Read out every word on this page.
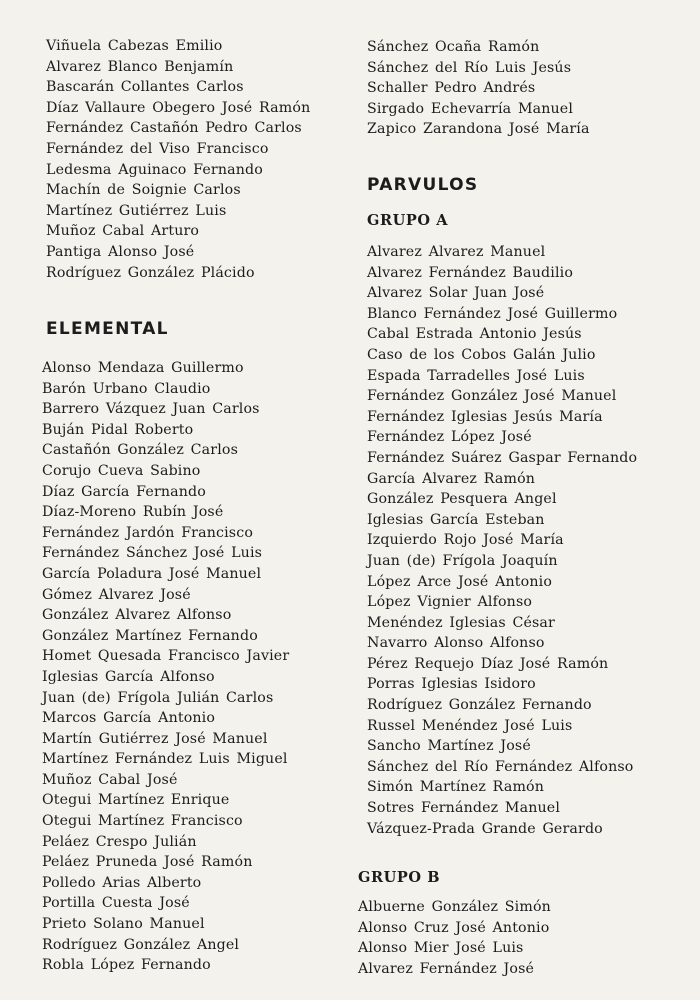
Viñuela Cabezas Emilio
Alvarez Blanco Benjamín
Bascarán Collantes Carlos
Díaz Vallaure Obegero José Ramón
Fernández Castañón Pedro Carlos
Fernández del Viso Francisco
Ledesma Aguinaco Fernando
Machín de Soignie Carlos
Martínez Gutiérrez Luis
Muñoz Cabal Arturo
Pantiga Alonso José
Rodríguez González Plácido
ELEMENTAL
Alonso Mendaza Guillermo
Barón Urbano Claudio
Barrero Vázquez Juan Carlos
Buján Pidal Roberto
Castañón González Carlos
Corujo Cueva Sabino
Díaz García Fernando
Díaz-Moreno Rubín José
Fernández Jardón Francisco
Fernández Sánchez José Luis
García Poladura José Manuel
Gómez Alvarez José
González Alvarez Alfonso
González Martínez Fernando
Homet Quesada Francisco Javier
Iglesias García Alfonso
Juan (de) Frígola Julián Carlos
Marcos García Antonio
Martín Gutiérrez José Manuel
Martínez Fernández Luis Miguel
Muñoz Cabal José
Otegui Martínez Enrique
Otegui Martínez Francisco
Peláez Crespo Julián
Peláez Pruneda José Ramón
Polledo Arias Alberto
Portilla Cuesta José
Prieto Solano Manuel
Rodríguez González Angel
Robla López Fernando
Sánchez Ocaña Ramón
Sánchez del Río Luis Jesús
Schaller Pedro Andrés
Sirgado Echevarría Manuel
Zapico Zarandona José María
PARVULOS
GRUPO A
Alvarez Alvarez Manuel
Alvarez Fernández Baudilio
Alvarez Solar Juan José
Blanco Fernández José Guillermo
Cabal Estrada Antonio Jesús
Caso de los Cobos Galán Julio
Espada Tarradelles José Luis
Fernández González José Manuel
Fernández Iglesias Jesús María
Fernández López José
Fernández Suárez Gaspar Fernando
García Alvarez Ramón
González Pesquera Angel
Iglesias García Esteban
Izquierdo Rojo José María
Juan (de) Frígola Joaquín
López Arce José Antonio
López Vignier Alfonso
Menéndez Iglesias César
Navarro Alonso Alfonso
Pérez Requejo Díaz José Ramón
Porras Iglesias Isidoro
Rodríguez González Fernando
Russel Menéndez José Luis
Sancho Martínez José
Sánchez del Río Fernández Alfonso
Simón Martínez Ramón
Sotres Fernández Manuel
Vázquez-Prada Grande Gerardo
GRUPO B
Albuerne González Simón
Alonso Cruz José Antonio
Alonso Mier José Luis
Alvarez Fernández José
